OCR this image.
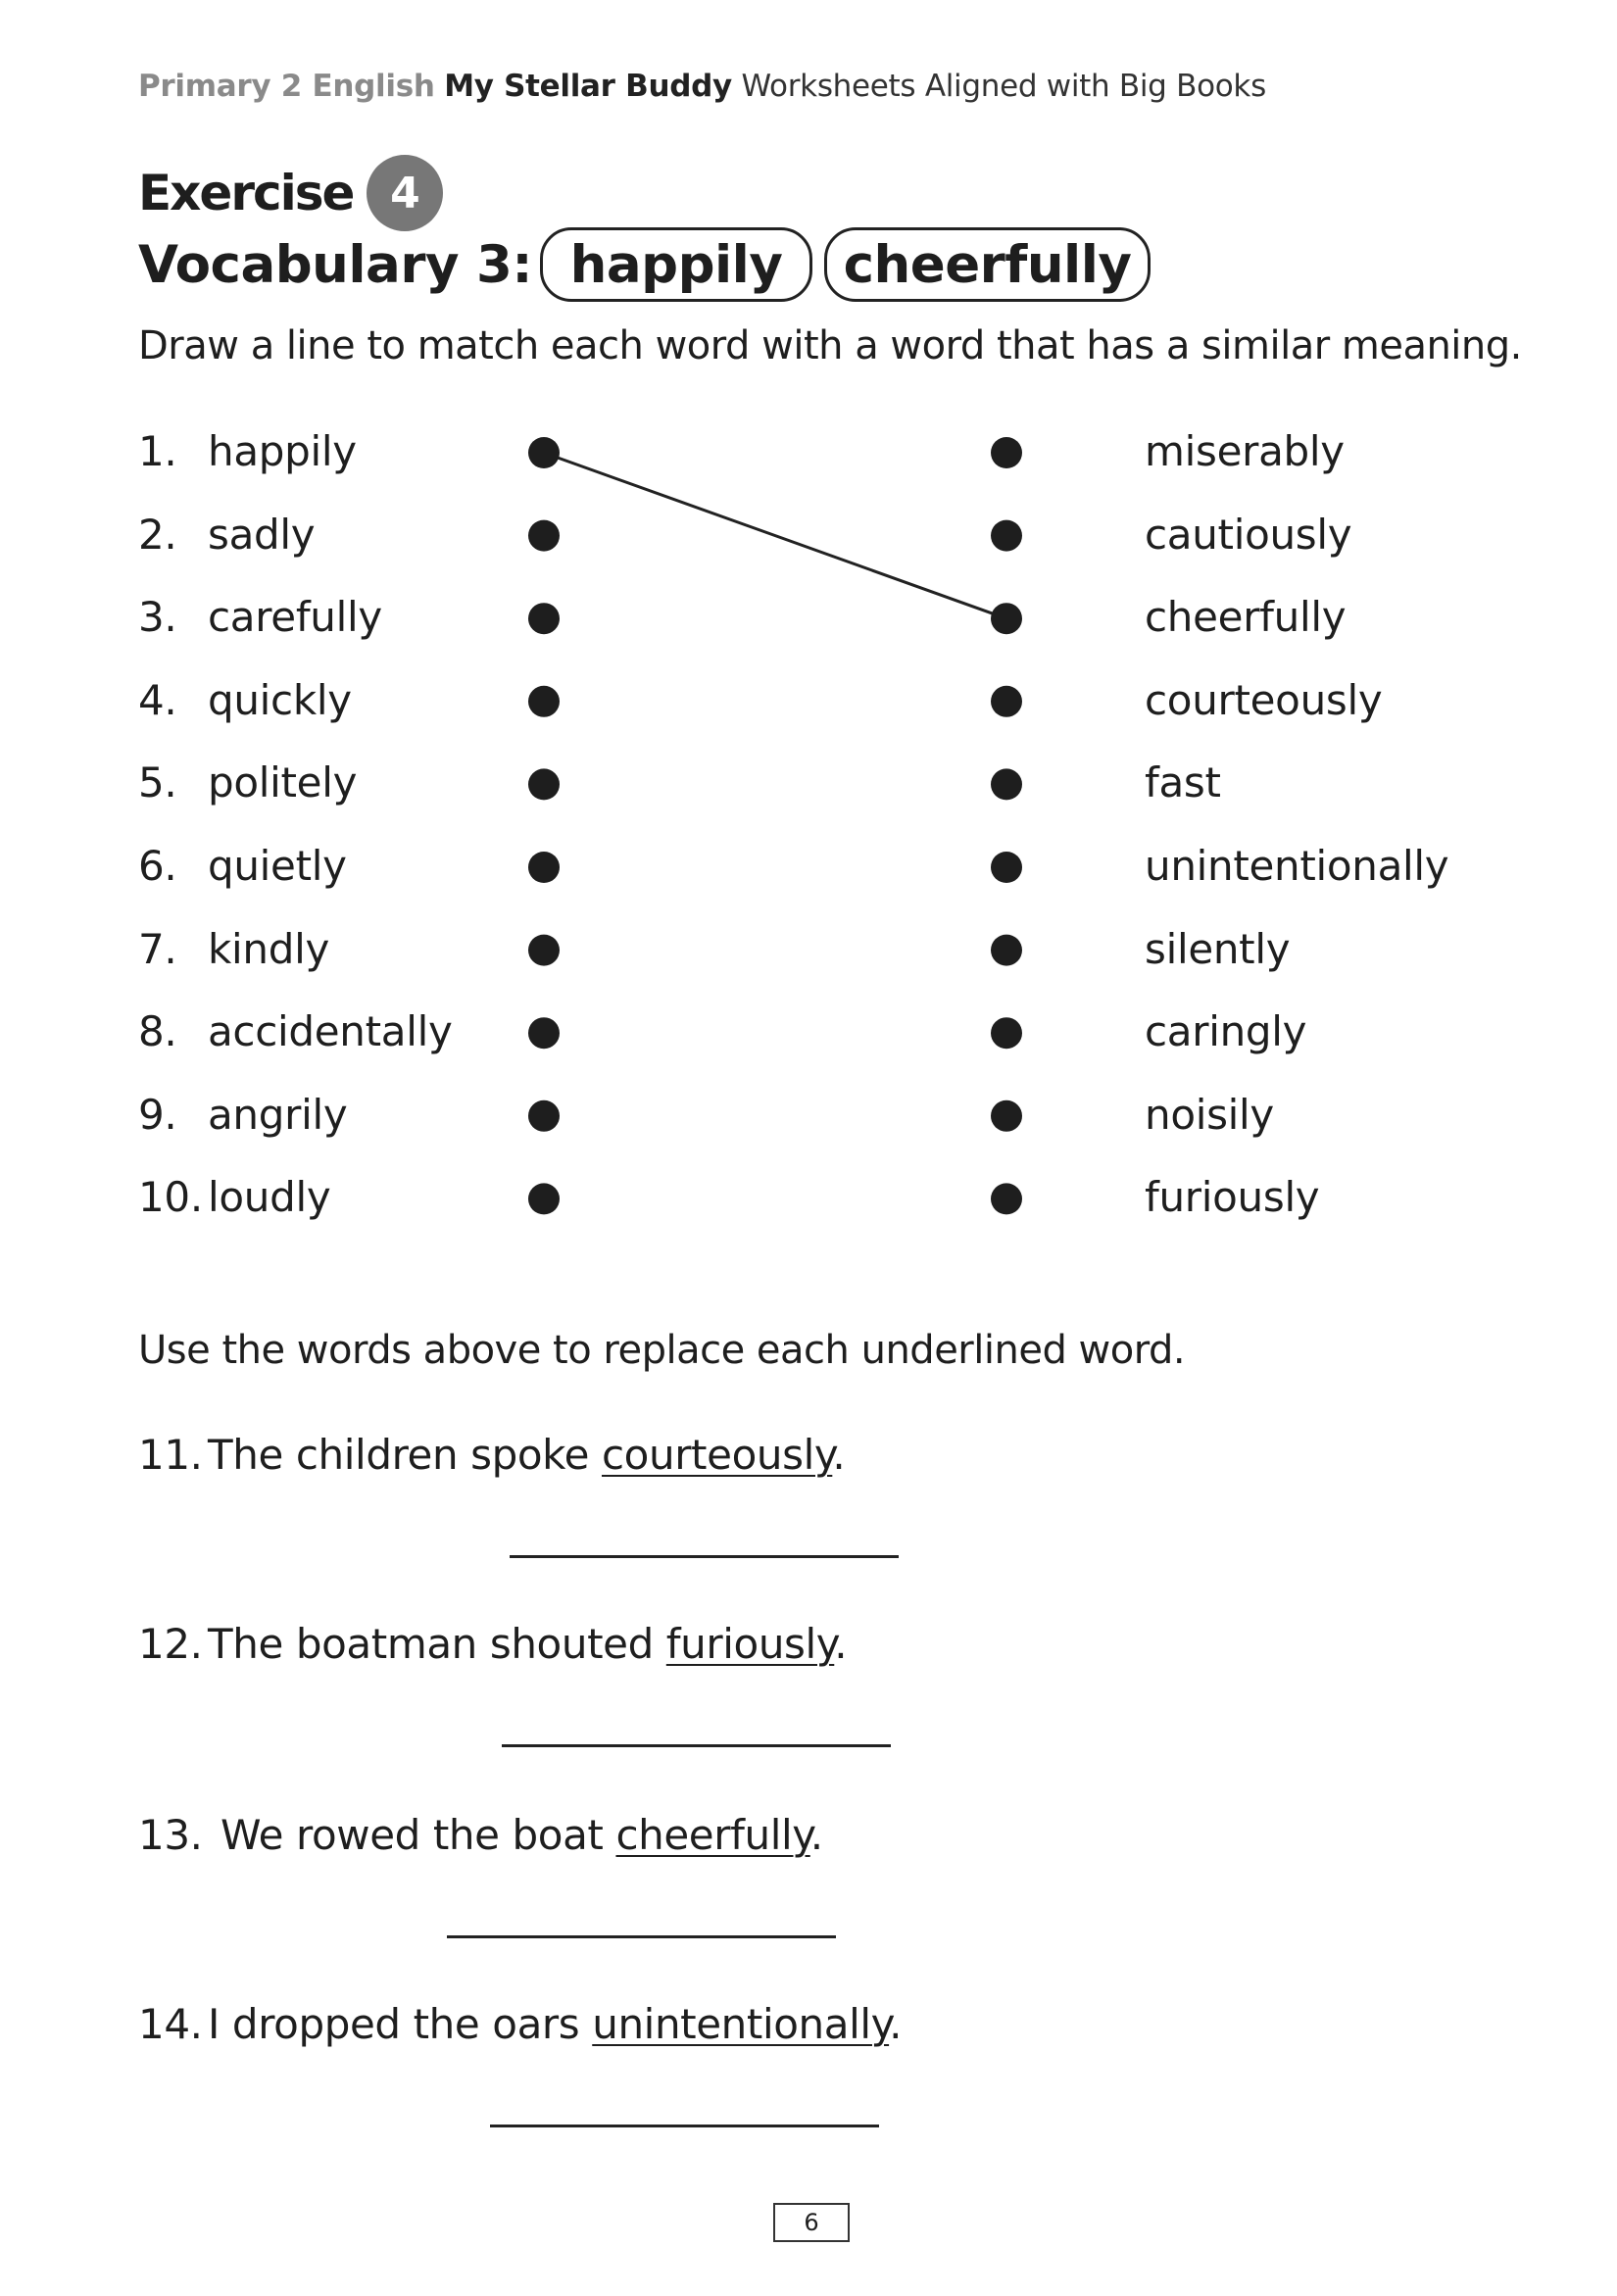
Primary 2 English My Stellar Buddy Worksheets Aligned with Big Books
Exercise 4
Vocabulary 3: happily	cheerfully
Draw a line to match each word with a word that has a similar meaning.
1. happily
2. sadly
3. carefully
4. quickly
5. politely
6. quietly
7. kindly
8. accidentally
9. angrily
10. loudly
miserably
cautiously
cheerfully
courteously
fast
unintentionally
silently
caringly
noisily
furiously
Use the words above to replace each underlined word.
11. The children spoke courteously.
12. The boatman shouted furiously.
13. We rowed the boat cheerfully.
14. I dropped the oars unintentionally.
6
